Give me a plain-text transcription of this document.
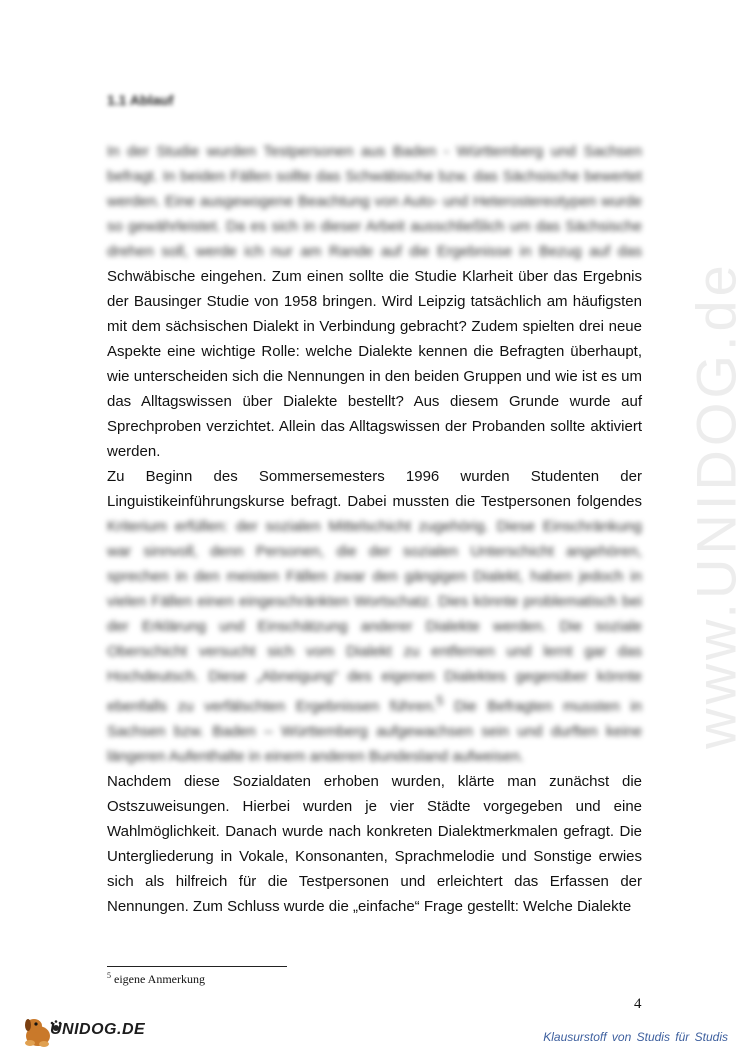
www.UNIDOG.de
1.1 Ablauf

In der Studie wurden Testpersonen aus Baden - Württemberg und Sachsen befragt. In beiden Fällen sollte das Schwäbische bzw. das Sächsische bewertet werden. Eine ausgewogene Beachtung von Auto- und Heterostereotypen wurde so gewährleistet. Da es sich in dieser Arbeit ausschließlich um das Sächsische drehen soll, werde ich nur am Rande auf die Ergebnisse in Bezug auf das Schwäbische eingehen. Zum einen sollte die Studie Klarheit über das Ergebnis der Bausinger Studie von 1958 bringen. Wird Leipzig tatsächlich am häufigsten mit dem sächsischen Dialekt in Verbindung gebracht? Zudem spielten drei neue Aspekte eine wichtige Rolle: welche Dialekte kennen die Befragten überhaupt, wie unterscheiden sich die Nennungen in den beiden Gruppen und wie ist es um das Alltagswissen über Dialekte bestellt? Aus diesem Grunde wurde auf Sprechproben verzichtet. Allein das Alltagswissen der Probanden sollte aktiviert werden.

Zu Beginn des Sommersemesters 1996 wurden Studenten der Linguistikeinführungskurse befragt. Dabei mussten die Testpersonen folgendes Kriterium erfüllen: der sozialen Mittelschicht zugehörig. Diese Einschränkung war sinnvoll, denn Personen, die der sozialen Unterschicht angehören, sprechen in den meisten Fällen zwar den gängigen Dialekt, haben jedoch in vielen Fällen einen eingeschränkten Wortschatz. Dies könnte problematisch bei der Erklärung und Einschätzung anderer Dialekte werden. Die soziale Oberschicht versucht sich vom Dialekt zu entfernen und lernt gar das Hochdeutsch. Diese „Abneigung“ des eigenen Dialektes gegenüber könnte ebenfalls zu verfälschten Ergebnissen führen.$^5$ Die Befragten mussten in Sachsen bzw. Baden – Württemberg aufgewachsen sein und durften keine längeren Aufenthalte in einem anderen Bundesland aufweisen.

Nachdem diese Sozialdaten erhoben wurden, klärte man zunächst die Ostszuweisungen. Hierbei wurden je vier Städte vorgegeben und eine Wahlmöglichkeit. Danach wurde nach konkreten Dialektmerkmalen gefragt. Die Untergliederung in Vokale, Konsonanten, Sprachmelodie und Sonstige erwies sich als hilfreich für die Testpersonen und erleichtert das Erfassen der Nennungen. Zum Schluss wurde die „einfache“ Frage gestellt: Welche Dialekte

$^5$ eigene Anmerkung
4
UNIDOG.DE	Klausurstoff von Studis für Studis
